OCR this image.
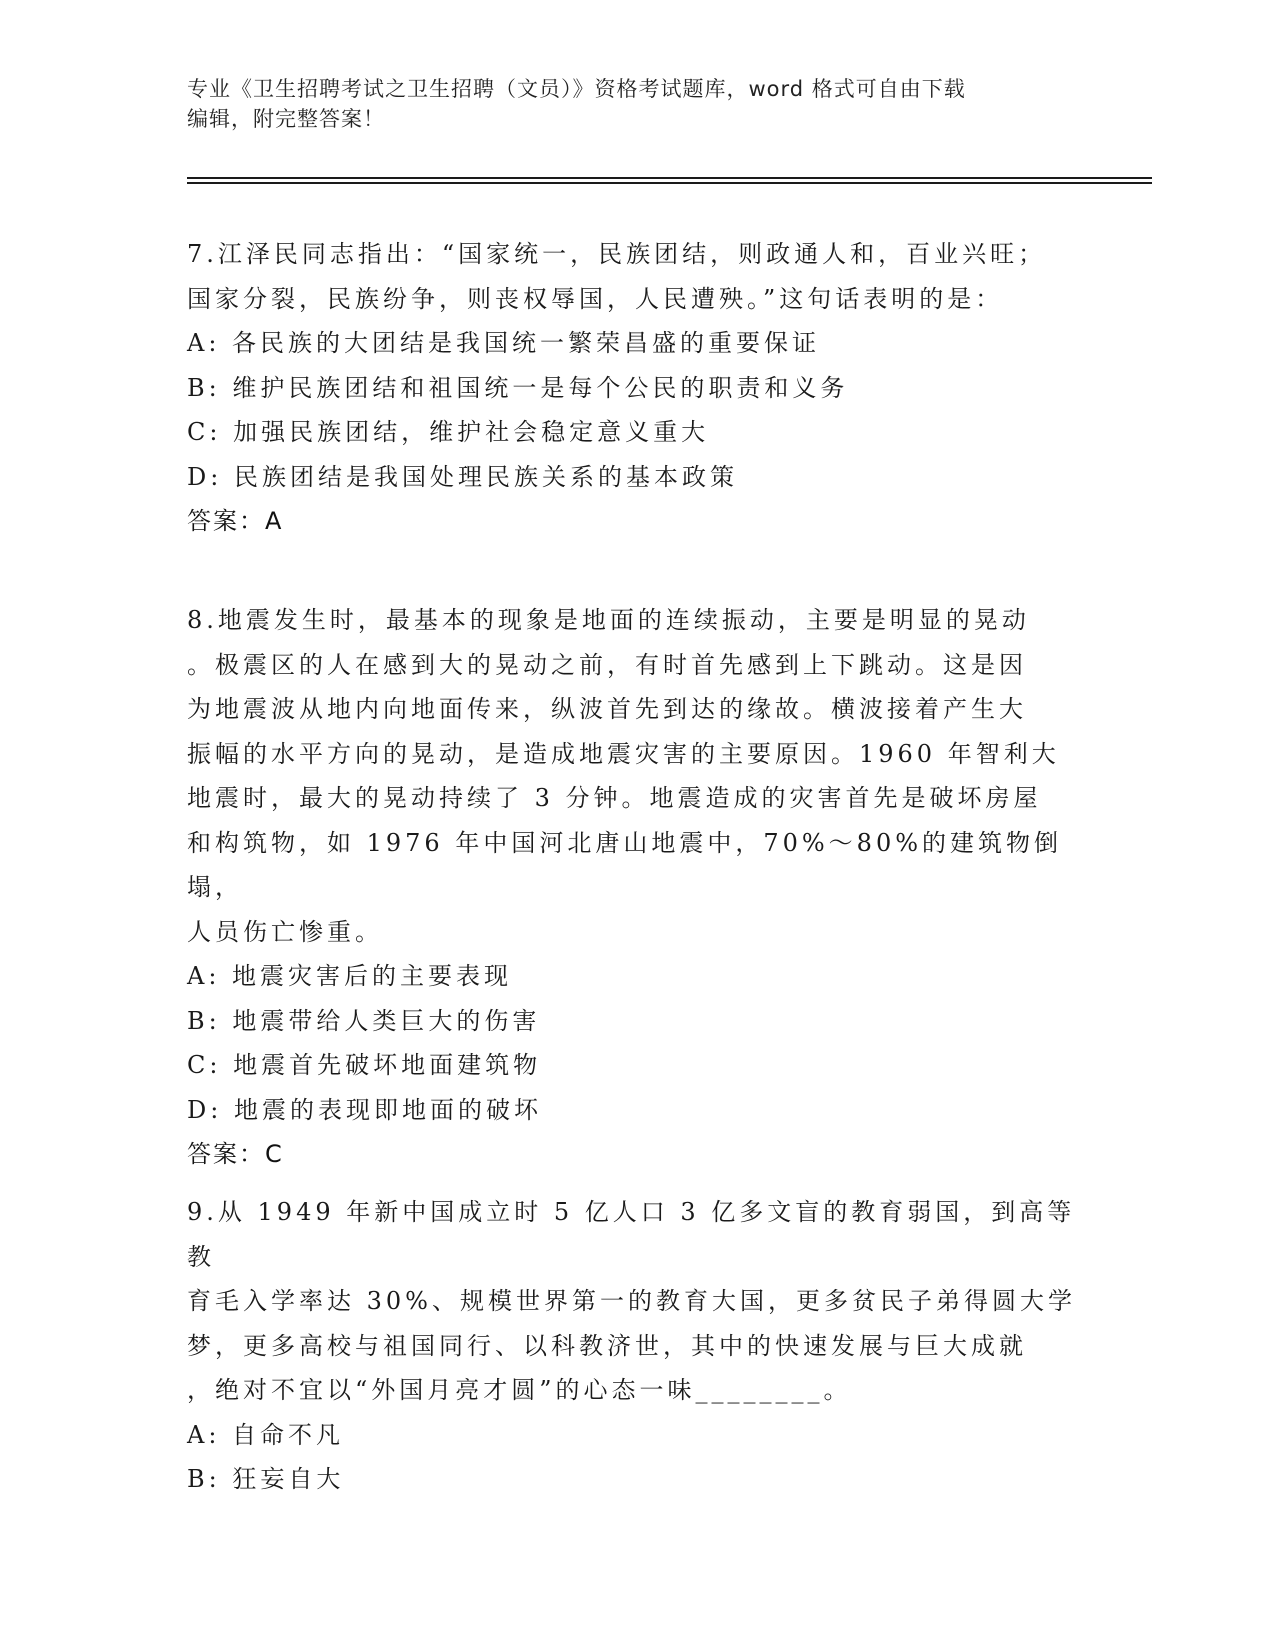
专业《卫生招聘考试之卫生招聘（文员）》资格考试题库，word 格式可自由下载
编辑，附完整答案！

7.江泽民同志指出：“国家统一，民族团结，则政通人和，百业兴旺；

国家分裂，民族纷争，则丧权辱国，人民遭殃。”这句话表明的是：

A: 各民族的大团结是我国统一繁荣昌盛的重要保证

B: 维护民族团结和祖国统一是每个公民的职责和义务

C: 加强民族团结，维护社会稳定意义重大

D: 民族团结是我国处理民族关系的基本政策

答案：A

8.地震发生时，最基本的现象是地面的连续振动，主要是明显的晃动

。极震区的人在感到大的晃动之前，有时首先感到上下跳动。这是因

为地震波从地内向地面传来，纵波首先到达的缘故。横波接着产生大

振幅的水平方向的晃动，是造成地震灾害的主要原因。1960 年智利大

地震时，最大的晃动持续了 3 分钟。地震造成的灾害首先是破坏房屋

和构筑物，如 1976 年中国河北唐山地震中，70%～80%的建筑物倒塌，

人员伤亡惨重。

A: 地震灾害后的主要表现

B: 地震带给人类巨大的伤害

C: 地震首先破坏地面建筑物

D: 地震的表现即地面的破坏

答案：C

9.从 1949 年新中国成立时 5 亿人口 3 亿多文盲的教育弱国，到高等教

育毛入学率达 30%、规模世界第一的教育大国，更多贫民子弟得圆大学

梦，更多高校与祖国同行、以科教济世，其中的快速发展与巨大成就

，绝对不宜以“外国月亮才圆”的心态一味________。

A: 自命不凡

B: 狂妄自大
